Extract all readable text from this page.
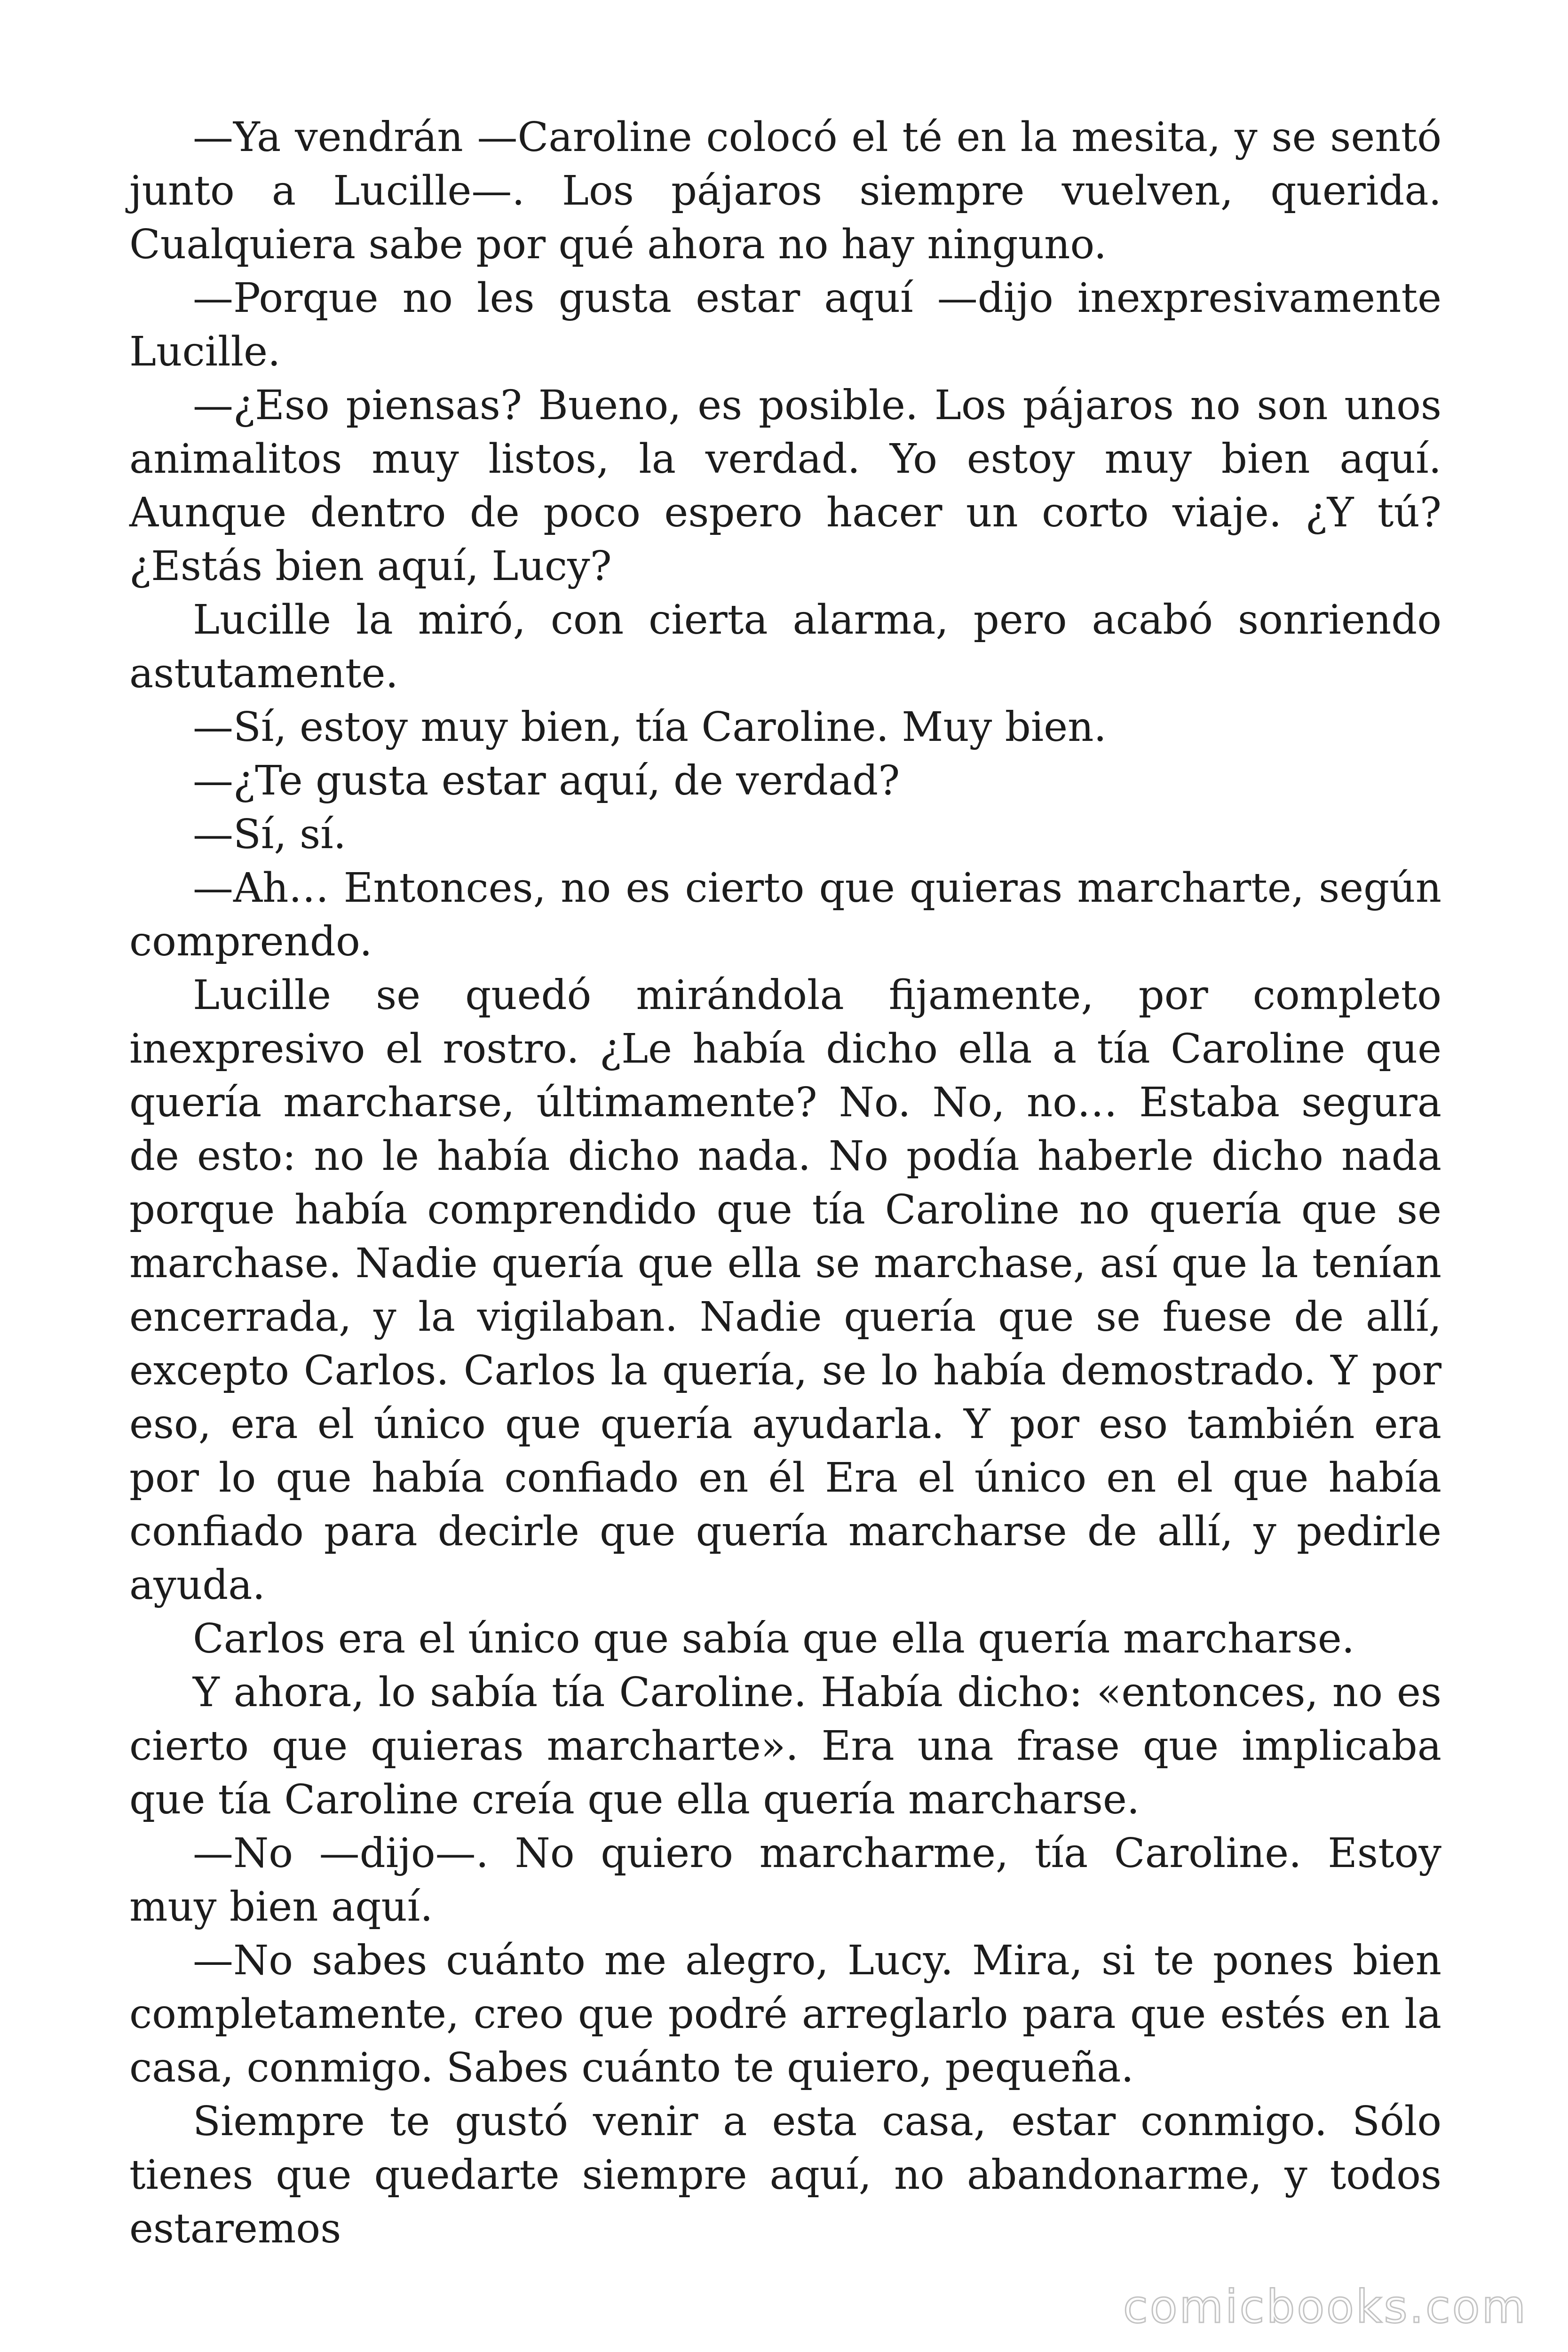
—Ya vendrán —Caroline colocó el té en la mesita, y se sentó junto a Lucille—. Los pájaros siempre vuelven, querida. Cualquiera sabe por qué ahora no hay ninguno.

—Porque no les gusta estar aquí —dijo inexpresivamente Lucille.

—¿Eso piensas? Bueno, es posible. Los pájaros no son unos animalitos muy listos, la verdad. Yo estoy muy bien aquí. Aunque dentro de poco espero hacer un corto viaje. ¿Y tú? ¿Estás bien aquí, Lucy?

Lucille la miró, con cierta alarma, pero acabó sonriendo astutamente.

—Sí, estoy muy bien, tía Caroline. Muy bien.

—¿Te gusta estar aquí, de verdad?

—Sí, sí.

—Ah… Entonces, no es cierto que quieras marcharte, según comprendo.

Lucille se quedó mirándola fijamente, por completo inexpresivo el rostro. ¿Le había dicho ella a tía Caroline que quería marcharse, últimamente? No. No, no… Estaba segura de esto: no le había dicho nada. No podía haberle dicho nada porque había comprendido que tía Caroline no quería que se marchase. Nadie quería que ella se marchase, así que la tenían encerrada, y la vigilaban. Nadie quería que se fuese de allí, excepto Carlos. Carlos la quería, se lo había demostrado. Y por eso, era el único que quería ayudarla. Y por eso también era por lo que había confiado en él Era el único en el que había confiado para decirle que quería marcharse de allí, y pedirle ayuda.

Carlos era el único que sabía que ella quería marcharse.

Y ahora, lo sabía tía Caroline. Había dicho: «entonces, no es cierto que quieras marcharte». Era una frase que implicaba que tía Caroline creía que ella quería marcharse.

—No —dijo—. No quiero marcharme, tía Caroline. Estoy muy bien aquí.

—No sabes cuánto me alegro, Lucy. Mira, si te pones bien completamente, creo que podré arreglarlo para que estés en la casa, conmigo. Sabes cuánto te quiero, pequeña.

Siempre te gustó venir a esta casa, estar conmigo. Sólo tienes que quedarte siempre aquí, no abandonarme, y todos estaremos

comicbooks.com
